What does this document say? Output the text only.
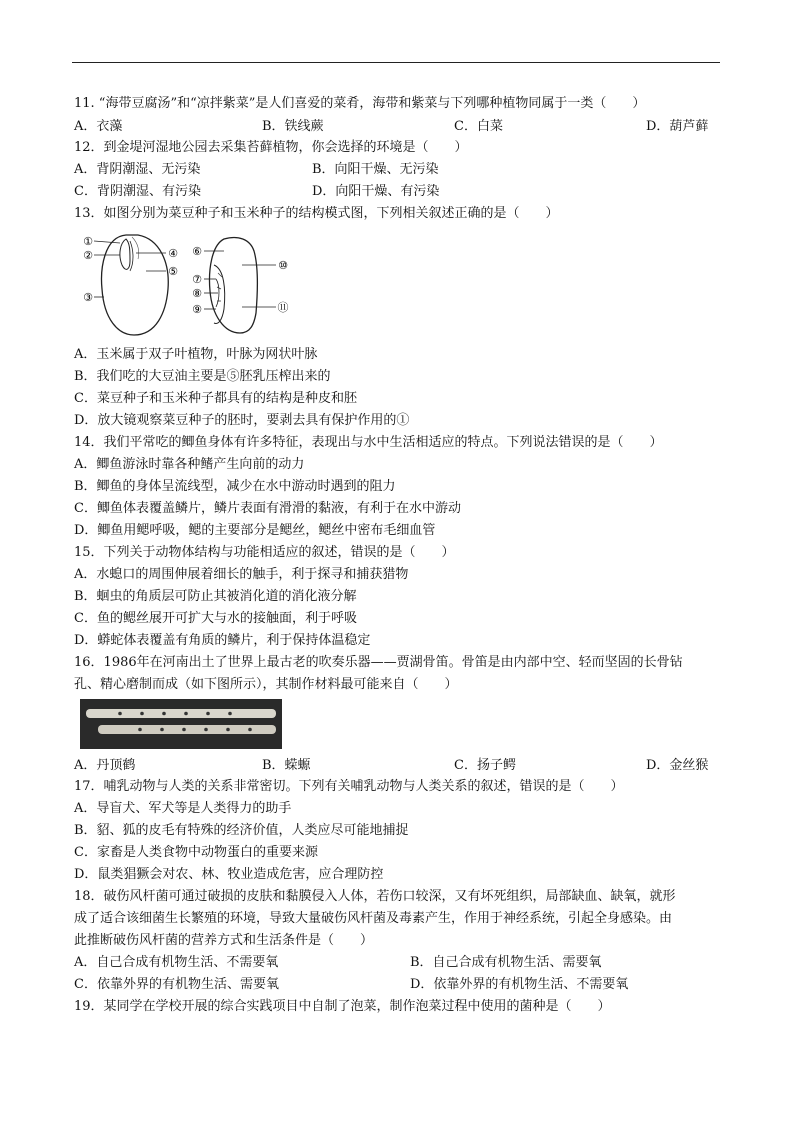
11. “海带豆腐汤”和“凉拌紫菜”是人们喜爱的菜肴，海带和紫菜与下列哪种植物同属于一类（　　）
A．衣藻	B．铁线蕨	C．白菜	D．葫芦藓
12．到金堤河湿地公园去采集苔藓植物，你会选择的环境是（　　）
A．背阴潮湿、无污染	B．向阳干燥、无污染
C．背阴潮湿、有污染	D．向阳干燥、有污染
13．如图分别为菜豆种子和玉米种子的结构模式图，下列相关叙述正确的是（　　）
①
②
③
④
⑤
⑥
⑦
⑧
⑨
⑩
⑪
A．玉米属于双子叶植物，叶脉为网状叶脉
B．我们吃的大豆油主要是⑤胚乳压榨出来的
C．菜豆种子和玉米种子都具有的结构是种皮和胚
D．放大镜观察菜豆种子的胚时，要剥去具有保护作用的①
14．我们平常吃的鲫鱼身体有许多特征，表现出与水中生活相适应的特点。下列说法错误的是（　　）
A．鲫鱼游泳时靠各种鳍产生向前的动力
B．鲫鱼的身体呈流线型，减少在水中游动时遇到的阻力
C．鲫鱼体表覆盖鳞片，鳞片表面有滑滑的黏液，有利于在水中游动
D．鲫鱼用鳃呼吸，鳃的主要部分是鳃丝，鳃丝中密布毛细血管
15．下列关于动物体结构与功能相适应的叙述，错误的是（　　）
A．水螅口的周围伸展着细长的触手，利于探寻和捕获猎物
B．蛔虫的角质层可防止其被消化道的消化液分解
C．鱼的鳃丝展开可扩大与水的接触面，利于呼吸
D．蟒蛇体表覆盖有角质的鳞片，利于保持体温稳定
16．1986年在河南出土了世界上最古老的吹奏乐器——贾湖骨笛。骨笛是由内部中空、轻而坚固的长骨钻
孔、精心磨制而成（如下图所示），其制作材料最可能来自（　　）
A．丹顶鹤	B．蝾螈	C．扬子鳄	D．金丝猴
17．哺乳动物与人类的关系非常密切。下列有关哺乳动物与人类关系的叙述，错误的是（　　）
A．导盲犬、军犬等是人类得力的助手
B．貂、狐的皮毛有特殊的经济价值，人类应尽可能地捕捉
C．家畜是人类食物中动物蛋白的重要来源
D．鼠类猖獗会对农、林、牧业造成危害，应合理防控
18．破伤风杆菌可通过破损的皮肤和黏膜侵入人体，若伤口较深，又有坏死组织，局部缺血、缺氧，就形
成了适合该细菌生长繁殖的环境，导致大量破伤风杆菌及毒素产生，作用于神经系统，引起全身感染。由
此推断破伤风杆菌的营养方式和生活条件是（　　）
A．自己合成有机物生活、不需要氧	B．自己合成有机物生活、需要氧
C．依靠外界的有机物生活、需要氧	D．依靠外界的有机物生活、不需要氧
19．某同学在学校开展的综合实践项目中自制了泡菜，制作泡菜过程中使用的菌种是（　　）
